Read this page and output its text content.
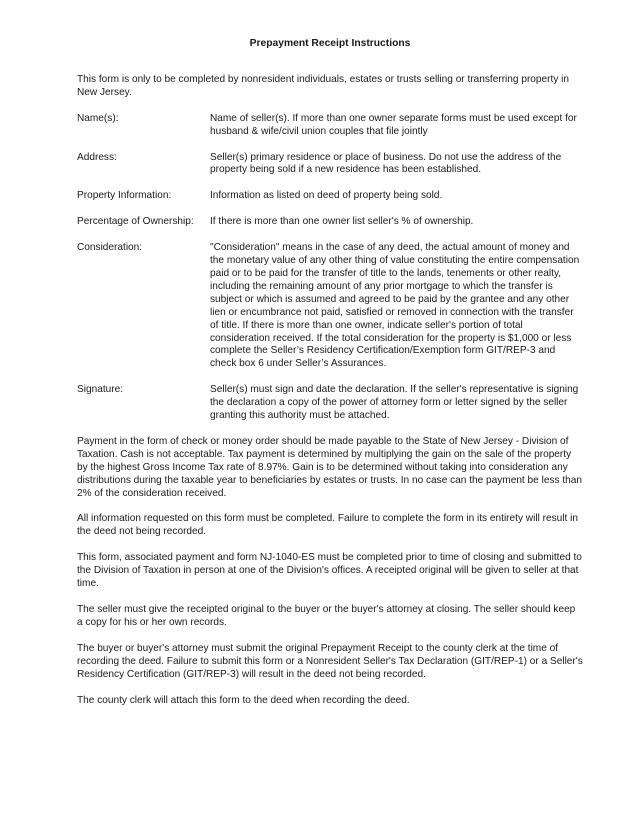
Prepayment Receipt Instructions

This form is only to be completed by nonresident individuals, estates or trusts selling or transferring property in New Jersey.

Name(s):	Name of seller(s). If more than one owner separate forms must be used except for husband & wife/civil union couples that file jointly
Address:	Seller(s) primary residence or place of business. Do not use the address of the property being sold if a new residence has been established.
Property Information:	Information as listed on deed of property being sold.
Percentage of Ownership:	If there is more than one owner list seller's % of ownership.
Consideration:	"Consideration" means in the case of any deed, the actual amount of money and the monetary value of any other thing of value constituting the entire compensation paid or to be paid for the transfer of title to the lands, tenements or other realty, including the remaining amount of any prior mortgage to which the transfer is subject or which is assumed and agreed to be paid by the grantee and any other lien or encumbrance not paid, satisfied or removed in connection with the transfer of title. If there is more than one owner, indicate seller's portion of total consideration received. If the total consideration for the property is $1,000 or less complete the Seller’s Residency Certification/Exemption form GIT/REP-3 and check box 6 under Seller’s Assurances.
Signature:	Seller(s) must sign and date the declaration. If the seller's representative is signing the declaration a copy of the power of attorney form or letter signed by the seller granting this authority must be attached.

Payment in the form of check or money order should be made payable to the State of New Jersey - Division of Taxation. Cash is not acceptable. Tax payment is determined by multiplying the gain on the sale of the property by the highest Gross Income Tax rate of 8.97%. Gain is to be determined without taking into consideration any distributions during the taxable year to beneficiaries by estates or trusts. In no case can the payment be less than 2% of the consideration received.

All information requested on this form must be completed. Failure to complete the form in its entirety will result in the deed not being recorded.

This form, associated payment and form NJ-1040-ES must be completed prior to time of closing and submitted to the Division of Taxation in person at one of the Division's offices. A receipted original will be given to seller at that time.

The seller must give the receipted original to the buyer or the buyer's attorney at closing. The seller should keep a copy for his or her own records.

The buyer or buyer's attorney must submit the original Prepayment Receipt to the county clerk at the time of recording the deed. Failure to submit this form or a Nonresident Seller's Tax Declaration (GIT/REP-1) or a Seller's Residency Certification (GIT/REP-3) will result in the deed not being recorded.

The county clerk will attach this form to the deed when recording the deed.
